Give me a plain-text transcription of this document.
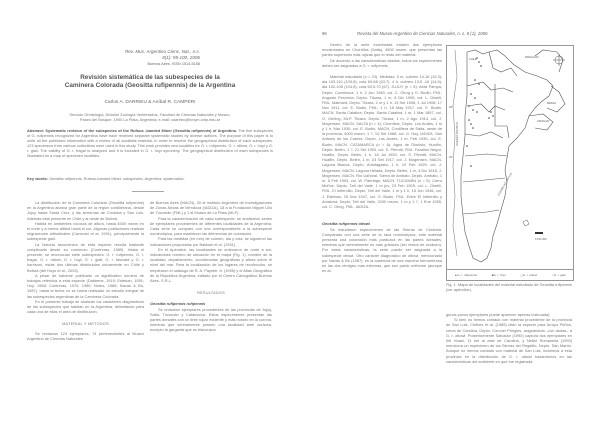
Rev. Mus. Argentino Cienc. Nat., n.s.
8(1): 95-100, 2006
Buenos Aires, ISSN 1514-5158
Revisión sistemática de las subespecies de la
Caminera Colorada (Geositta rufipennis) de la Argentina
Carlos A. DARRIEU & Aníbal R. CAMPERI
Sección Ornitología, División Zoología Vertebrados, Facultad de Ciencias Naturales y Museo,
Paseo del Bosque, 1900 La Plata, Argentina; e-mail: cdarrieu@fcnym.unlp.edu.ar
Abstract: Systematic revision of the subspecies of the Rufous -banded Miner (Geositta rufipennis) of Argentina. The five subspecies of G. rufipennis recognized for Argentina have each received separate systematic studies by diverse authors. The purpose of this paper is to unite all the published information with a review of all available material, in order to resolve the geographical distribution of each subspecies. 123 specimens from various collections were used in this study. This work provides new localities for G. r. rufipennis, G. r. ottowi, G. r. hoyi y G. r. giaii. The validity of G. r. fragai is analyzed and it is included in G. r. hoyi synonimy. The geographical distribution of each subspecies is illustrated on a map of specimen localities.
Key words: Geositta rufipennis, Rufous-banded Miner, subspecies, Argentina, systematics.

La distribución de la Caminera Colorada (Geositta rufipennis) en la Argentina abarca gran parte de la región cordillerana, desde Jujuy hasta Santa Cruz, y las serranías de Córdoba y San Luis. Además está presente en Chile y al oeste de Bolivia.

Habita en ambientes rocosos de altura, hasta 4500 msnm en el norte y a menor altitud hacia el sur. Algunas poblaciones realizan migraciones altitudinales (Canevari et al. 1991), principalmente la subespecie giaii.

La historia taxonómica de esta especie resulta bastante complicada desde su comienzo (Contreras, 1980). Hasta el presente, se reconocían siete subespecies: G. r. rufipennis, G. r. fragai, G. r. ottowi, G. r. hoyi, G. r. giaii, G. r. fasciata y G. r. harrisoni, estas dos últimas distribuidas únicamente en Chile y Bolivia (del Hoyo et al., 2003).

A pesar de haberse publicado un significativo número de trabajos referidos a esta especie (Dabbene, 1919; Esteban, 1951; Hoy, 1968; Contreras, 1976, 1980; Nores, 1986; Navas & Bó, 1987), hasta la fecha no se había realizado un estudio integral de las subespecies argentinas de la Caminera Colorada.

En el presente trabajo se analizan los caracteres diagnósticos de las subespecies que habitan en la Argentina, delimitando para cada una de ellas el área de distribución.

MATERIAL Y METODOS

Se revisaron 123 ejemplares, 74 pertenecientes al Museo Argentino de Ciencias Naturales

de Buenos Aires (MACN), 30 al Instituto Argentino de Investigaciones de Zonas Áridas de Mendoza (IADIZA), 18 a la Fundación Miguel Lillo de Tucumán (FML) y 1 al Museo de La Plata (MLP).

Para la caracterización de cada subespecie, se analizaron series de ejemplares procedentes de diferentes localidades de la Argentina. Cada serie se comparó con una correspondiente a la subespecie nominotípica, para establecer las diferencias de coloración.

Para las medidas (en mm) de culmen, ala y cola, se siguieron las indicaciones propuestas por Baldwin et al. (1931).

En el Apéndice, las localidades se ordenaron de norte a sur, indicándose número de ubicación en el mapa (Fig. 1), nombre de la localidad, departamento, coordenadas geográficas y altura sobre el nivel del mar. Para la localización de los lugares de recolección, se emplearon el catálogo de R. A. Paynter Jr. (1995) y el Atlas Geográfico de la República Argentina, editado por el Centro Cartográfico Buenos Aires, S.R.L.

RESULTADOS

Geositta rufipennis rufipennis

Se revisaron ejemplares procedentes de las provincias de Jujuy, Salta, Tucumán y Catamarca. Estos especímenes presentan las partes dorsales con un tinte rojizo evidente y más notorio en la corona, mientras que ventralmente poseen una tonalidad ante ocrácea, excepto la garganta que es blancuzca.

96	Revista del Museo Argentino de Ciencias Naturales, n. s. 8 (1), 2006

Dentro de la serie examinada existen dos ejemplares recolectados en Chorrillos (Salta), 4500 msnm, que presentan las partes superiores más rojizas que el resto del material.

De acuerdo a las características citadas, todos los especímenes deben ser asignados a G. r. rufipennis.

Material estudiado (n = 23). Medidas: 5 m, culmen 14-16 (15,3); ala 103-110 (105,6); cola 60-68 (63,7). 4 h, culmen 13,5 -16 (14,6); ala 102-108 (104,5); cola 63,5-70 (67). JUJUY (n = 8): Abra Pampa, Depto. Cochinoca, 1 h, 2 Jun 1949, col. C. Olrog y O. Budin, FML. Angosto Perchela, Depto. Tilcara, 1 m, 8 Dic 1905, col. L. Dinelli, FML. Maimará, Depto. Tilcara, 2 m y 1 h, 13 Set 1906, 1 Jul 1908, 17 Nov 1911, col. E. Budin, FML; 1 h, 16 May 1917, col. E. Budin, MACN. Santa Catalina, Depto. Santa Catalina, 1 m, 1 Mar 1897, col. G. Gerling, MLP. Tilcara, Depto. Tilcara, 1 m, 2 Ago 1914, col. J. Mogensen, MACN. SALTA (n = 4): Chorrillos, Depto. Los Andes, 1 m y 1 h, Mar 1930, col. E. Budin, MACN. Cordillera de Salta, oeste de la provincia, 4000 msnm, 1 ?, 10 Set 1968, col. G. Hoy, IADIZA. San Antonio de los Cobres, Depto. Los Andes, 1 m, Feb 1930, col. E. Budin, MACN. CATAMARCA (n = 6): Agua de Dionisio, Hualfín, Depto. Belén, 1 ?, 21 Set 1953, col. S. Pierotti, FML. Farallón Negro, Hualfín, Depto. Belén, 1 h, 18 Jul 1953, col. S. Pierotti, MACN. Hualfín, Depto. Belén, 1 m, 24 Set 1917, col. J. Mogensen, MACN. Laguna Blanca, Depto. Antofagasta, 1 h, 10 Feb 1929, col. J. Mogensen, MACN. Laguna Helada, Depto. Belén, 1 m, 4 Dic 1918, J. Mogensen, MACN. Río Uañoral, Sierra de Ambato, Depto. Ambato, 1 m, 5 Feb 1953, col. W. Partridge, MACN. TUCUMÁN (n = 5): Cerro Muñoz, Depto. Tafí del Valle, 1 m juv, 23 Feb 1905, col. L. Dinelli, FML. El Infiernillo, Depto. Tafí del Valle, 1 m y 1 h, 15 Jun 1946, col. J. Esteban, 25 Nov 1947, col. O. Budin, FML. Entre El Infiernillo y Amaichá, Depto. Tafí del Valle, 2000 msnm, 1 m y 1 ?, 1 Ene 1955, col. C. Olrog, FML, IADIZA.

Geositta rufipennis ottowi

Se estudiaron especímenes de las Sierras de Córdoba. Comparado con una serie de la raza nominotípica, este material presenta una coloración más parduzca en las partes dorsales, mientras que ventralmente es más grisáceo (sin restos de ocráceo). Por estas características, la serie puede ser asignada a la subespecie ottowi. Otro carácter diagnóstico de ottowi, mencionado por Navas & Bó (1987), es la ausencia de una mancha herrumbrosa en las dos rémiges más externas, que son pardo uniforme (aunque en al-

CHILE
PARAGUAY
BRASIL
URUGUAY
30°
40°
0 150 300
OCEANO PACIFICO
OCEANO ATLANTICO
▲G. r. rufipennis	■G. r. hoyi	△G. r. ottowi	○G. r. giaii
Fig. 1. Mapa de localidades del material estudiado de Geositta rufipennis (ver apéndice).

gunos pocos ejemplares puede aparecer apenas insinuada).

Si bien no hemos contado con material procedente de la provincia de San Luis, Chébez et al. (1985) citan la especie para Arroyo Peñón, cerca de Carolina, Depto. Coronel Pringles, asignándola –con dudas– a G. r. ottowi. Posteriormente Salvador (1990) captura dos ejemplares en Inti Huasi, 11 km al este de Carolina, y Nellar Romanella (1993) menciona un espécimen de las Sierras del Regalito, Depto. San Martín. Aunque no hemos contado con material de San Luis, incluimos a esta provincia en la distribución de G. r. ottowi basándonos en las características del ambiente en que fue registrada.
